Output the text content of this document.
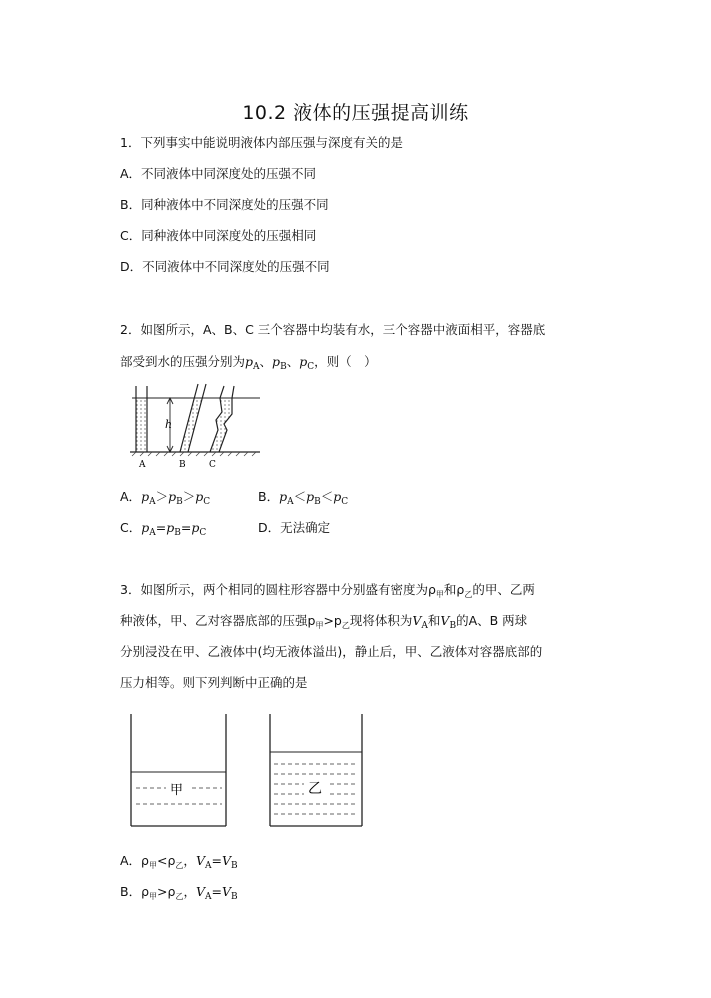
10.2 液体的压强提高训练
1．下列事实中能说明液体内部压强与深度有关的是
A．不同液体中同深度处的压强不同
B．同种液体中不同深度处的压强不同
C．同种液体中同深度处的压强相同
D．不同液体中不同深度处的压强不同
2．如图所示，A、B、C 三个容器中均装有水，三个容器中液面相平，容器底
部受到水的压强分别为$p_A$、$p_B$、$p_C$，则（　）
h
A	B	C
A．$p_A>p_B>p_C$	B．$p_A<p_B<p_C$
C．$p_A=p_B=p_C$	D．无法确定
3．如图所示，两个相同的圆柱形容器中分别盛有密度为$\rho_甲$和$\rho_乙$的甲、乙两
种液体，甲、乙对容器底部的压强$p_甲>p_乙$现将体积为$V_A$和$V_B$的A、B 两球
分别浸没在甲、乙液体中(均无液体溢出)，静止后，甲、乙液体对容器底部的
压力相等。则下列判断中正确的是
甲	乙
A．$\rho_甲<\rho_乙$，$V_A=V_B$
B．$\rho_甲>\rho_乙$，$V_A=V_B$
